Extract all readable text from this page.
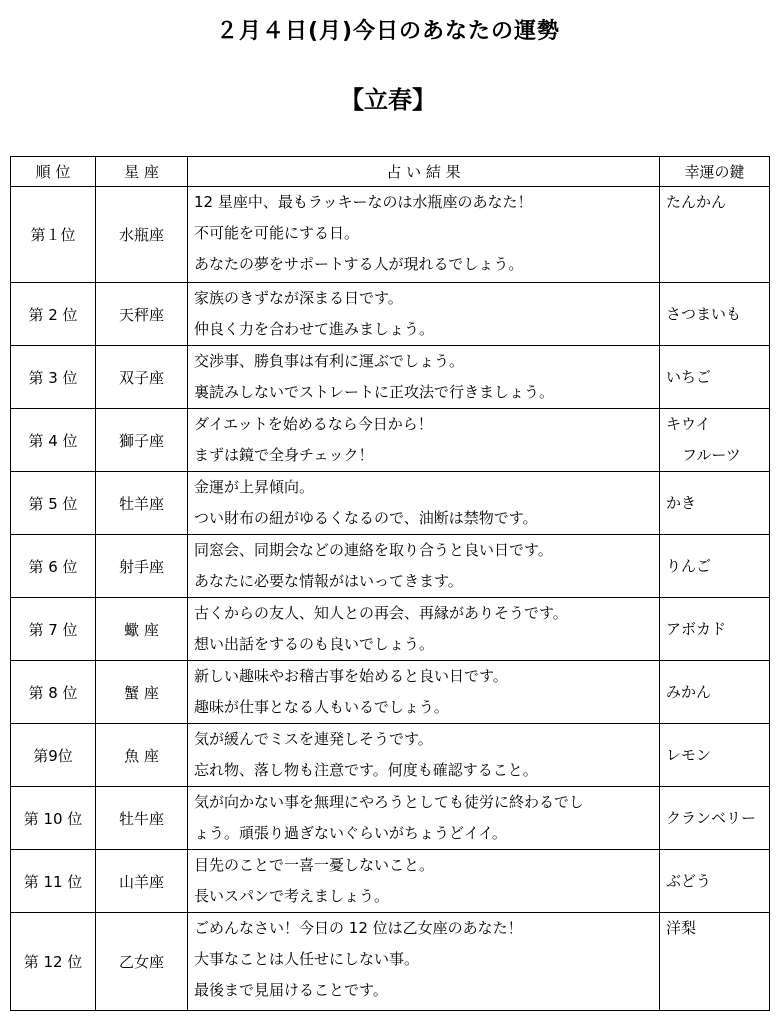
２月４日(月)今日のあなたの運勢
【立春】
順 位	星 座	占 い 結 果	幸運の鍵
第１位	水瓶座	12 星座中、最もラッキーなのは水瓶座のあなた！
不可能を可能にする日。
あなたの夢をサポートする人が現れるでしょう。	たんかん

第 2 位	天秤座	家族のきずなが深まる日です。
仲良く力を合わせて進みましょう。	さつまいも

第 3 位	双子座	交渉事、勝負事は有利に運ぶでしょう。
裏読みしないでストレートに正攻法で行きましょう。	いちご

第 4 位	獅子座	ダイエットを始めるなら今日から！
まずは鏡で全身チェック！	キウイ
フルーツ

第 5 位	牡羊座	金運が上昇傾向。
つい財布の紐がゆるくなるので、油断は禁物です。	かき

第 6 位	射手座	同窓会、同期会などの連絡を取り合うと良い日です。
あなたに必要な情報がはいってきます。	りんご

第 7 位	蠍 座	古くからの友人、知人との再会、再縁がありそうです。
想い出話をするのも良いでしょう。	アボカド

第 8 位	蟹 座	新しい趣味やお稽古事を始めると良い日です。
趣味が仕事となる人もいるでしょう。	みかん

第9位	魚 座	気が緩んでミスを連発しそうです。
忘れ物、落し物も注意です。何度も確認すること。	レモン

第 10 位	牡牛座	気が向かない事を無理にやろうとしても徒労に終わるでし
ょう。頑張り過ぎないぐらいがちょうどイイ。	クランベリー

第 11 位	山羊座	目先のことで一喜一憂しないこと。
長いスパンで考えましょう。	ぶどう

第 12 位	乙女座	ごめんなさい！今日の 12 位は乙女座のあなた！
大事なことは人任せにしない事。
最後まで見届けることです。	洋梨
